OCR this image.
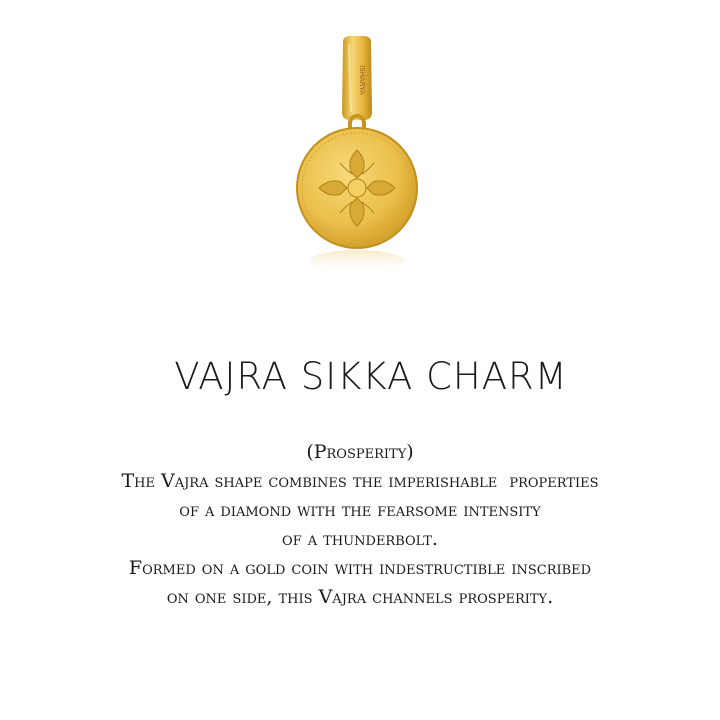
ISHARYA
VAJRA SIKKA CHARM
(Prosperity)
The Vajra shape combines the imperishable  properties
of a diamond with the fearsome intensity
of a thunderbolt.
Formed on a gold coin with indestructible inscribed
on one side, this Vajra channels prosperity.
